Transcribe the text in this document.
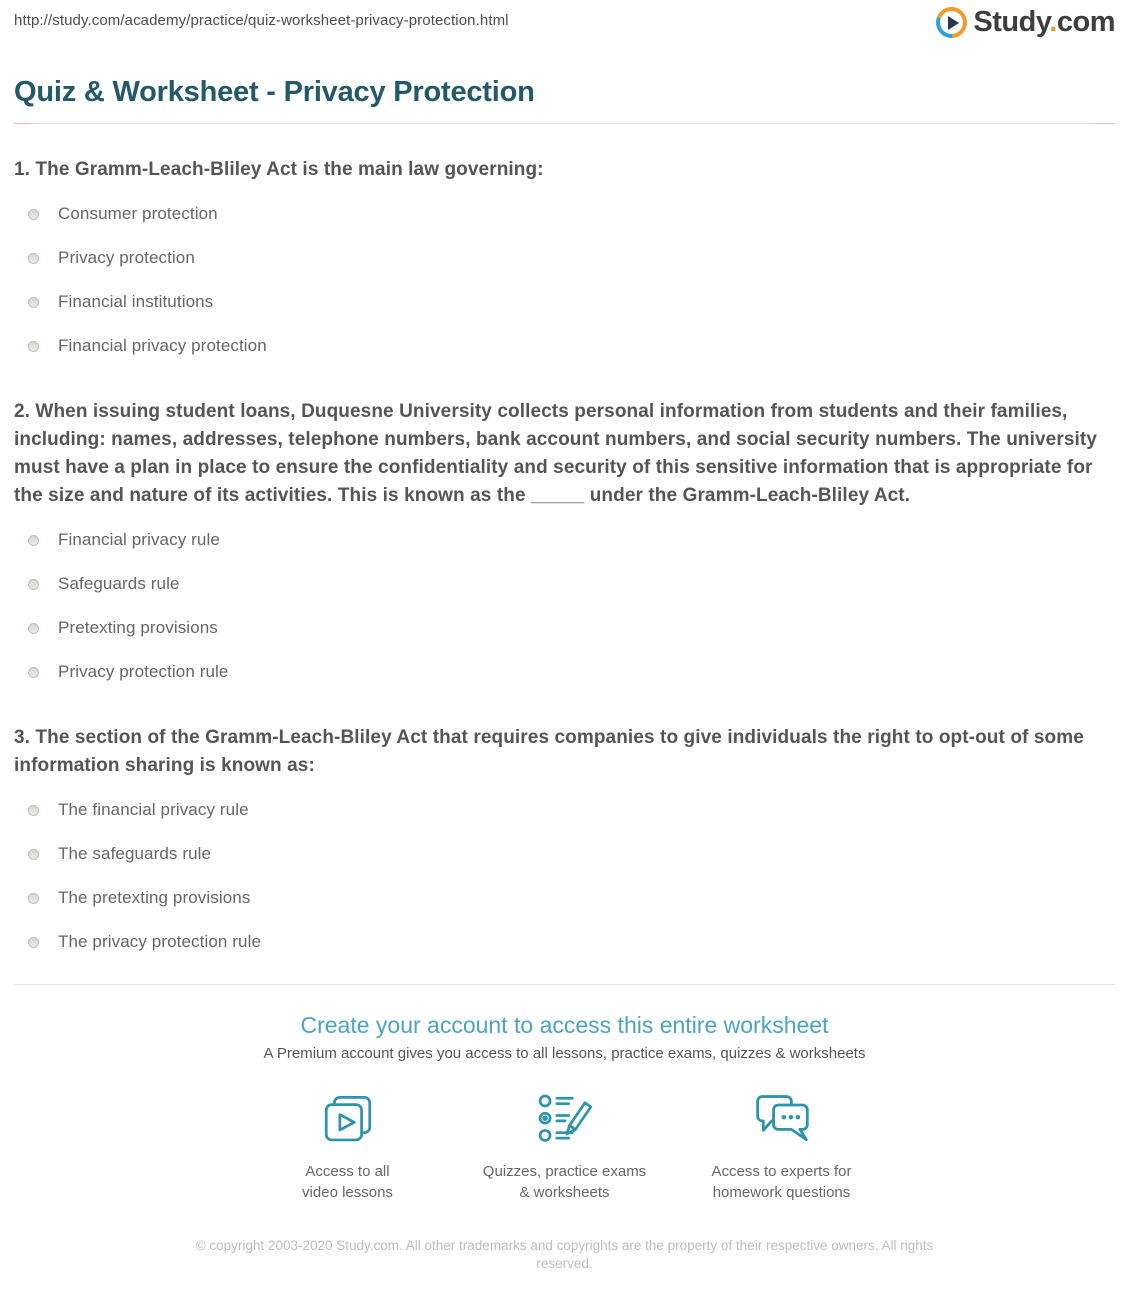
http://study.com/academy/practice/quiz-worksheet-privacy-protection.html	Study.com
Quiz & Worksheet - Privacy Protection
1. The Gramm-Leach-Bliley Act is the main law governing:
Consumer protection
Privacy protection
Financial institutions
Financial privacy protection
2. When issuing student loans, Duquesne University collects personal information from students and their families, including: names, addresses, telephone numbers, bank account numbers, and social security numbers. The university must have a plan in place to ensure the confidentiality and security of this sensitive information that is appropriate for the size and nature of its activities. This is known as the _____ under the Gramm-Leach-Bliley Act.
Financial privacy rule
Safeguards rule
Pretexting provisions
Privacy protection rule
3. The section of the Gramm-Leach-Bliley Act that requires companies to give individuals the right to opt-out of some information sharing is known as:
The financial privacy rule
The safeguards rule
The pretexting provisions
The privacy protection rule
Create your account to access this entire worksheet

A Premium account gives you access to all lessons, practice exams, quizzes & worksheets

Access to all
video lessons
Quizzes, practice exams
& worksheets
Access to experts for
homework questions

© copyright 2003-2020 Study.com. All other trademarks and copyrights are the property of their respective owners. All rights reserved.
